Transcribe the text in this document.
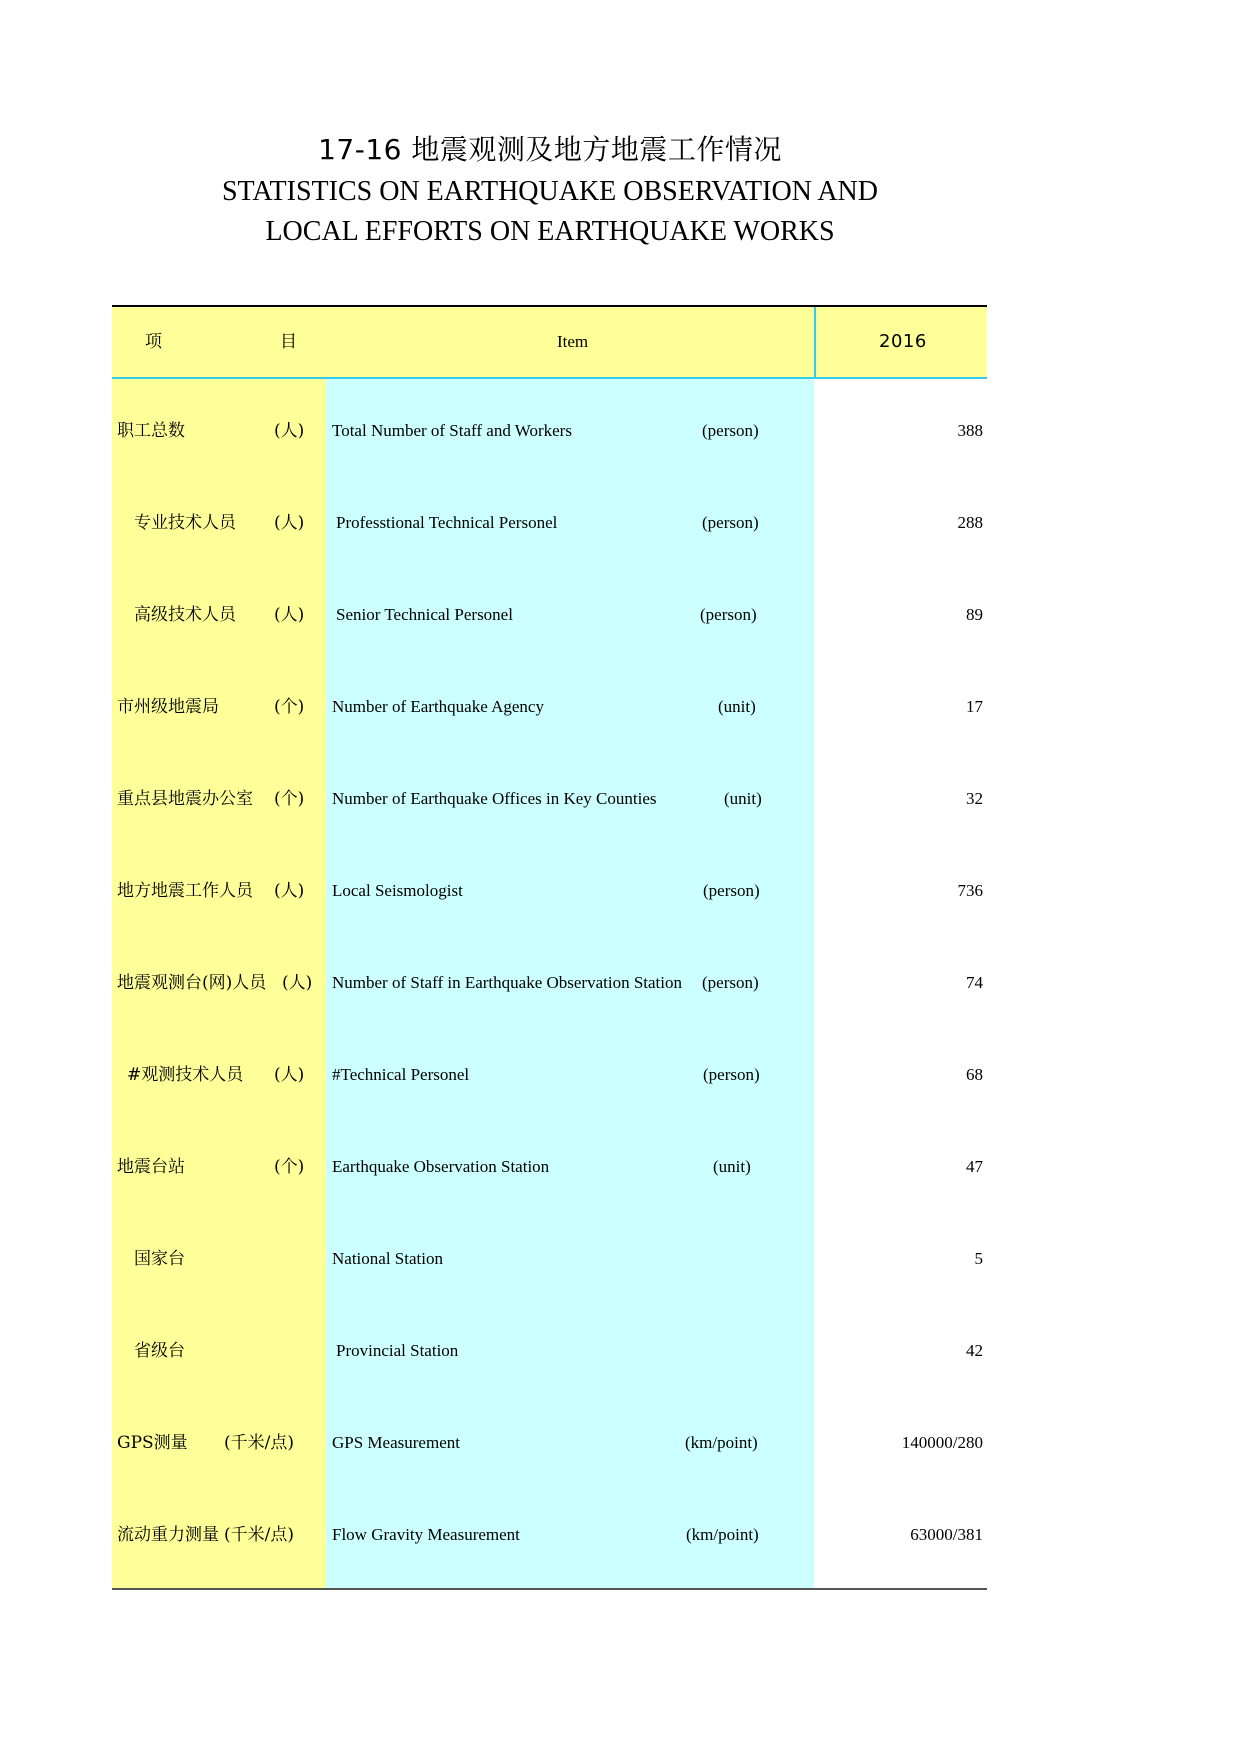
17-16 地震观测及地方地震工作情况
STATISTICS ON EARTHQUAKE OBSERVATION AND
LOCAL EFFORTS ON EARTHQUAKE WORKS
项	目	Item	2016
职工总数	(人) Total Number of Staff and Workers	(person)	388
专业技术人员 (人) Professtional Technical Personel	(person)	288
高级技术人员 (人) Senior Technical Personel	(person)	89
市州级地震局	(个) Number of Earthquake Agency	(unit)	17
重点县地震办公室 (个) Number of Earthquake Offices in Key Counties	(unit)	32
地方地震工作人员 (人) Local Seismologist	(person)	736
地震观测台(网)人员 (人) Number of Staff in Earthquake Observation Station (person)	74
#观测技术人员 (人) #Technical Personel	(person)	68
地震台站	(个) Earthquake Observation Station	(unit)	47
国家台	National Station	5
省级台	Provincial Station	42
GPS测量 (千米/点) GPS Measurement	(km/point)	140000/280
流动重力测量 (千米/点) Flow Gravity Measurement	(km/point)	63000/381
